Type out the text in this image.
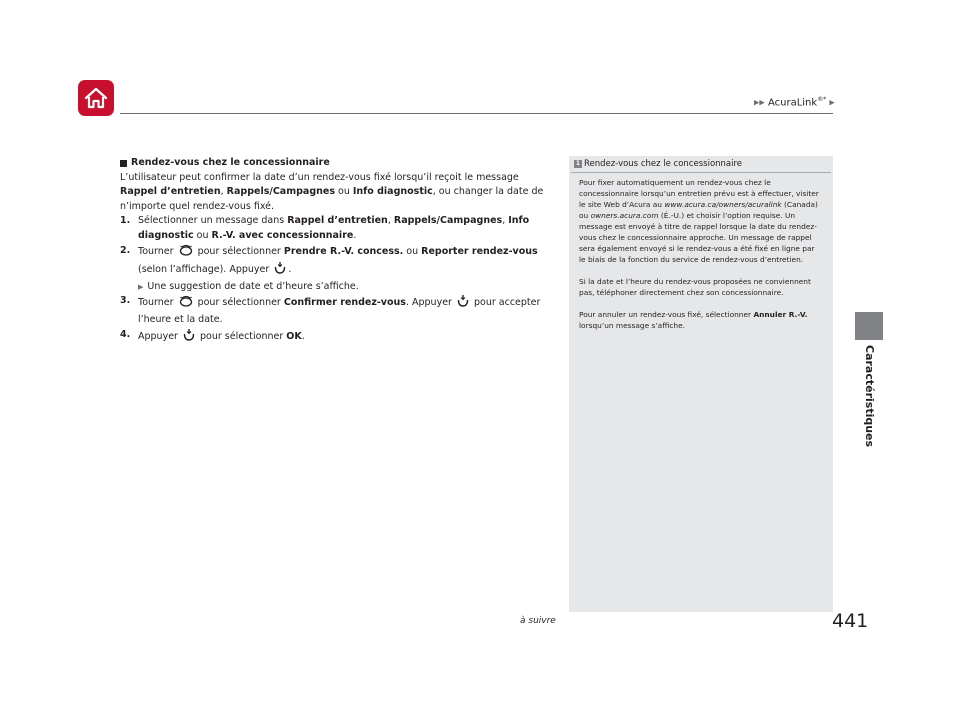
▶▶ AcuraLink®* ▶
Caractéristiques
Rendez-vous chez le concessionnaire
L’utilisateur peut confirmer la date d’un rendez-vous fixé lorsqu’il reçoit le message Rappel d’entretien, Rappels/Campagnes ou Info diagnostic, ou changer la date de n’importe quel rendez-vous fixé.
1. Sélectionner un message dans Rappel d’entretien, Rappels/Campagnes, Info diagnostic ou R.-V. avec concessionnaire.
2. Tourner  pour sélectionner Prendre R.-V. concess. ou Reporter rendez-vous (selon l’affichage). Appuyer .
▶ Une suggestion de date et d’heure s’affiche.
3. Tourner  pour sélectionner Confirmer rendez-vous. Appuyer  pour accepter l’heure et la date.
4. Appuyer  pour sélectionner OK.
1 Rendez-vous chez le concessionnaire

Pour fixer automatiquement un rendez-vous chez le concessionnaire lorsqu’un entretien prévu est à effectuer, visiter le site Web d’Acura au www.acura.ca/owners/acuralink (Canada) ou owners.acura.com (É.-U.) et choisir l’option requise. Un message est envoyé à titre de rappel lorsque la date du rendez-vous chez le concessionnaire approche. Un message de rappel sera également envoyé si le rendez-vous a été fixé en ligne par le biais de la fonction du service de rendez-vous d’entretien.

Si la date et l’heure du rendez-vous proposées ne conviennent pas, téléphoner directement chez son concessionnaire.

Pour annuler un rendez-vous fixé, sélectionner Annuler R.-V. lorsqu’un message s’affiche.

à suivre	441
